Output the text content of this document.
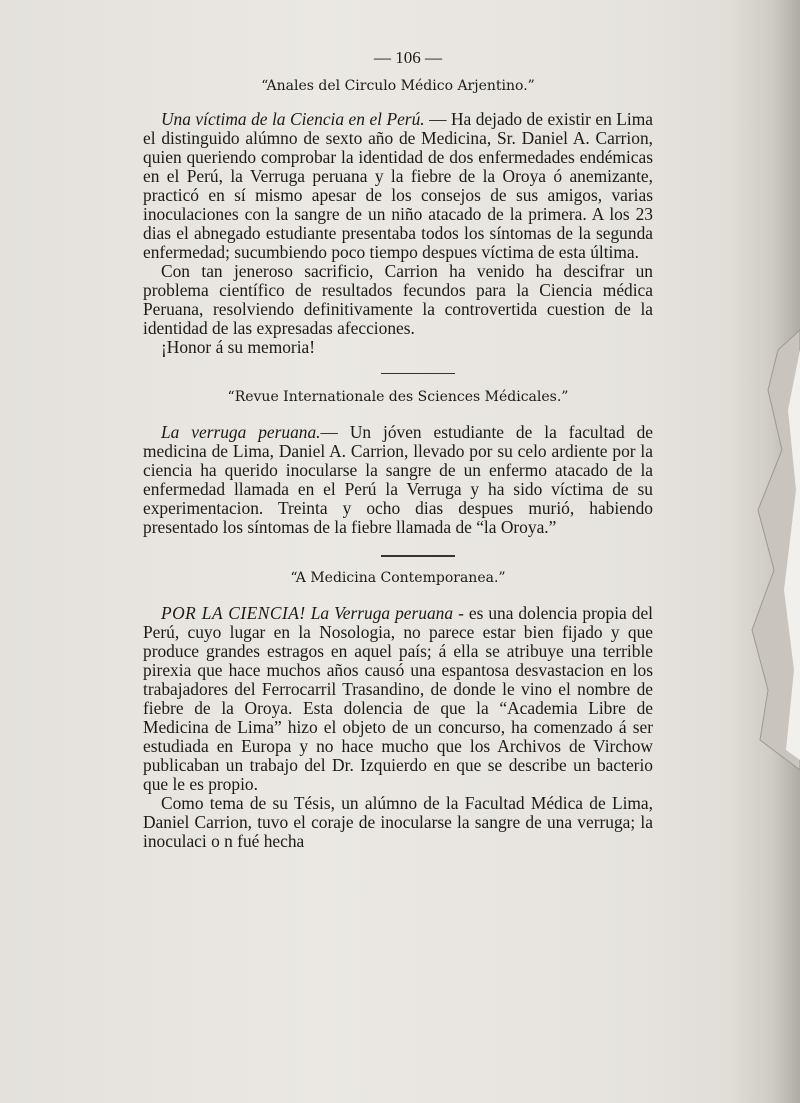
— 106 —
“Anales del Circulo Médico Arjentino.”

Una víctima de la Ciencia en el Perú. — Ha dejado de existir en Lima el distinguido alúmno de sexto año de Medicina, Sr. Daniel A. Carrion, quien queriendo comprobar la identidad de dos enfermedades endémicas en el Perú, la Verruga peruana y la fiebre de la Oroya ó anemizante, practicó en sí mismo apesar de los consejos de sus amigos, varias inoculaciones con la sangre de un niño atacado de la primera. A los 23 dias el abnegado estudiante presentaba todos los síntomas de la segunda enfermedad; sucumbiendo poco tiempo despues víctima de esta última.

Con tan jeneroso sacrificio, Carrion ha venido ha descifrar un problema científico de resultados fecundos para la Ciencia médica Peruana, resolviendo definitivamente la controvertida cuestion de la identidad de las expresadas afecciones.

¡Honor á su memoria!

“Revue Internationale des Sciences Médicales.”

La verruga peruana.— Un jóven estudiante de la facultad de medicina de Lima, Daniel A. Carrion, llevado por su celo ardiente por la ciencia ha querido inocularse la sangre de un enfermo atacado de la enfermedad llamada en el Perú la Verruga y ha sido víctima de su experimentacion. Treinta y ocho dias despues murió, habiendo presentado los síntomas de la fiebre llamada de “la Oroya.”

“A Medicina Contemporanea.”

POR LA CIENCIA! La Verruga peruana - es una dolencia propia del Perú, cuyo lugar en la Nosologia, no parece estar bien fijado y que produce grandes estragos en aquel país; á ella se atribuye una terrible pirexia que hace muchos años causó una espantosa desvastacion en los trabajadores del Ferrocarril Trasandino, de donde le vino el nombre de fiebre de la Oroya. Esta dolencia de que la “Academia Libre de Medicina de Lima” hizo el objeto de un concurso, ha comenzado á ser estudiada en Europa y no hace mucho que los Archivos de Virchow publicaban un trabajo del Dr. Izquierdo en que se describe un bacterio que le es propio.

Como tema de su Tésis, un alúmno de la Facultad Médica de Lima, Daniel Carrion, tuvo el coraje de inocularse la sangre de una verruga; la inoculaci o n fué hecha
